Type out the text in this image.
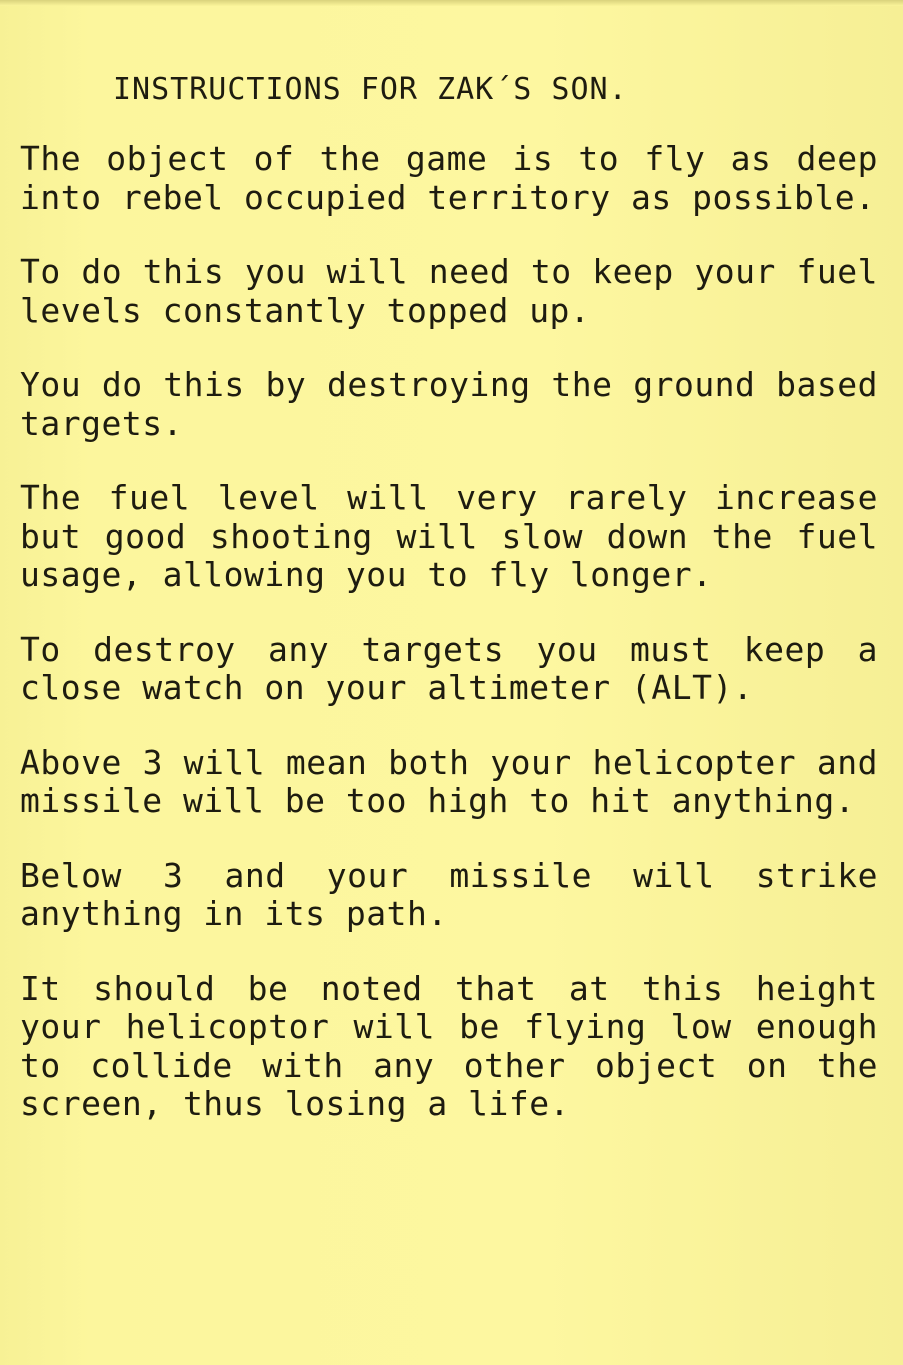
INSTRUCTIONS FOR ZAK´S SON.

The object of the game is to fly as deep into rebel occupied territory as possible.

To do this you will need to keep your fuel levels constantly topped up.

You do this by destroying the ground based targets.

The fuel level will very rarely increase but good shooting will slow down the fuel usage, allowing you to fly longer.

To destroy any targets you must keep a close watch on your altimeter (ALT).

Above 3 will mean both your helicopter and missile will be too high to hit anything.

Below 3 and your missile will strike anything in its path.

It should be noted that at this height your helicoptor will be flying low enough to collide with any other object on the screen, thus losing a life.
